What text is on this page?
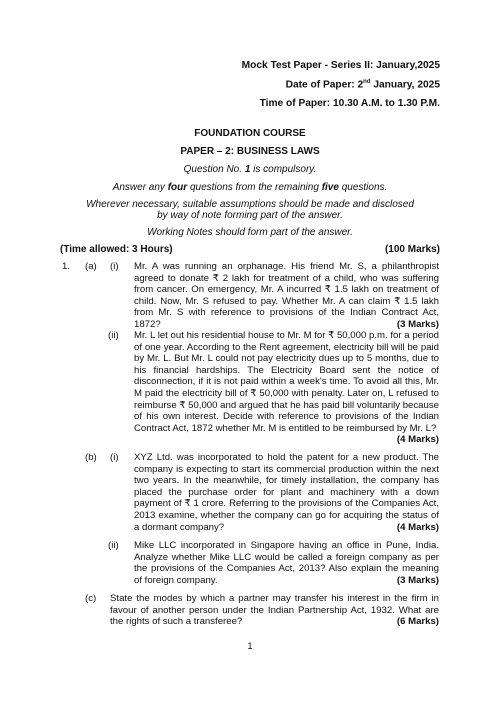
Mock Test Paper - Series II: January,2025
Date of Paper: 2nd January, 2025
Time of Paper: 10.30 A.M. to 1.30 P.M.
FOUNDATION COURSE
PAPER – 2: BUSINESS LAWS
Question No. 1 is compulsory.
Answer any four questions from the remaining five questions.
Wherever necessary, suitable assumptions should be made and disclosed
by way of note forming part of the answer.
Working Notes should form part of the answer.
(Time allowed: 3 Hours)	(100 Marks)
1. (a) (i) Mr. A was running an orphanage. His friend Mr. S, a philanthropist agreed to donate ₹ 2 lakh for treatment of a child, who was suffering from cancer. On emergency, Mr. A incurred ₹ 1.5 lakh on treatment of child. Now, Mr. S refused to pay. Whether Mr. A can claim ₹ 1.5 lakh from Mr. S with reference to provisions of the Indian Contract Act, 1872?	(3 Marks)
(ii) Mr. L let out his residential house to Mr. M for ₹ 50,000 p.m. for a period of one year. According to the Rent agreement, electricity bill will be paid by Mr. L. But Mr. L could not pay electricity dues up to 5 months, due to his financial hardships. The Electricity Board sent the notice of disconnection, if it is not paid within a week's time. To avoid all this, Mr. M paid the electricity bill of ₹ 50,000 with penalty. Later on, L refused to reimburse ₹ 50,000 and argued that he has paid bill voluntarily because of his own interest. Decide with reference to provisions of the Indian Contract Act, 1872 whether Mr. M is entitled to be reimbursed by Mr. L?
(4 Marks)
(b) (i) XYZ Ltd. was incorporated to hold the patent for a new product. The company is expecting to start its commercial production within the next two years. In the meanwhile, for timely installation, the company has placed the purchase order for plant and machinery with a down payment of ₹ 1 crore. Referring to the provisions of the Companies Act, 2013 examine, whether the company can go for acquiring the status of a dormant company?	(4 Marks)
(ii) Mike LLC incorporated in Singapore having an office in Pune, India. Analyze whether Mike LLC would be called a foreign company as per the provisions of the Companies Act, 2013? Also explain the meaning of foreign company.	(3 Marks)
(c) State the modes by which a partner may transfer his interest in the firm in favour of another person under the Indian Partnership Act, 1932. What are the rights of such a transferee?	(6 Marks)
1
